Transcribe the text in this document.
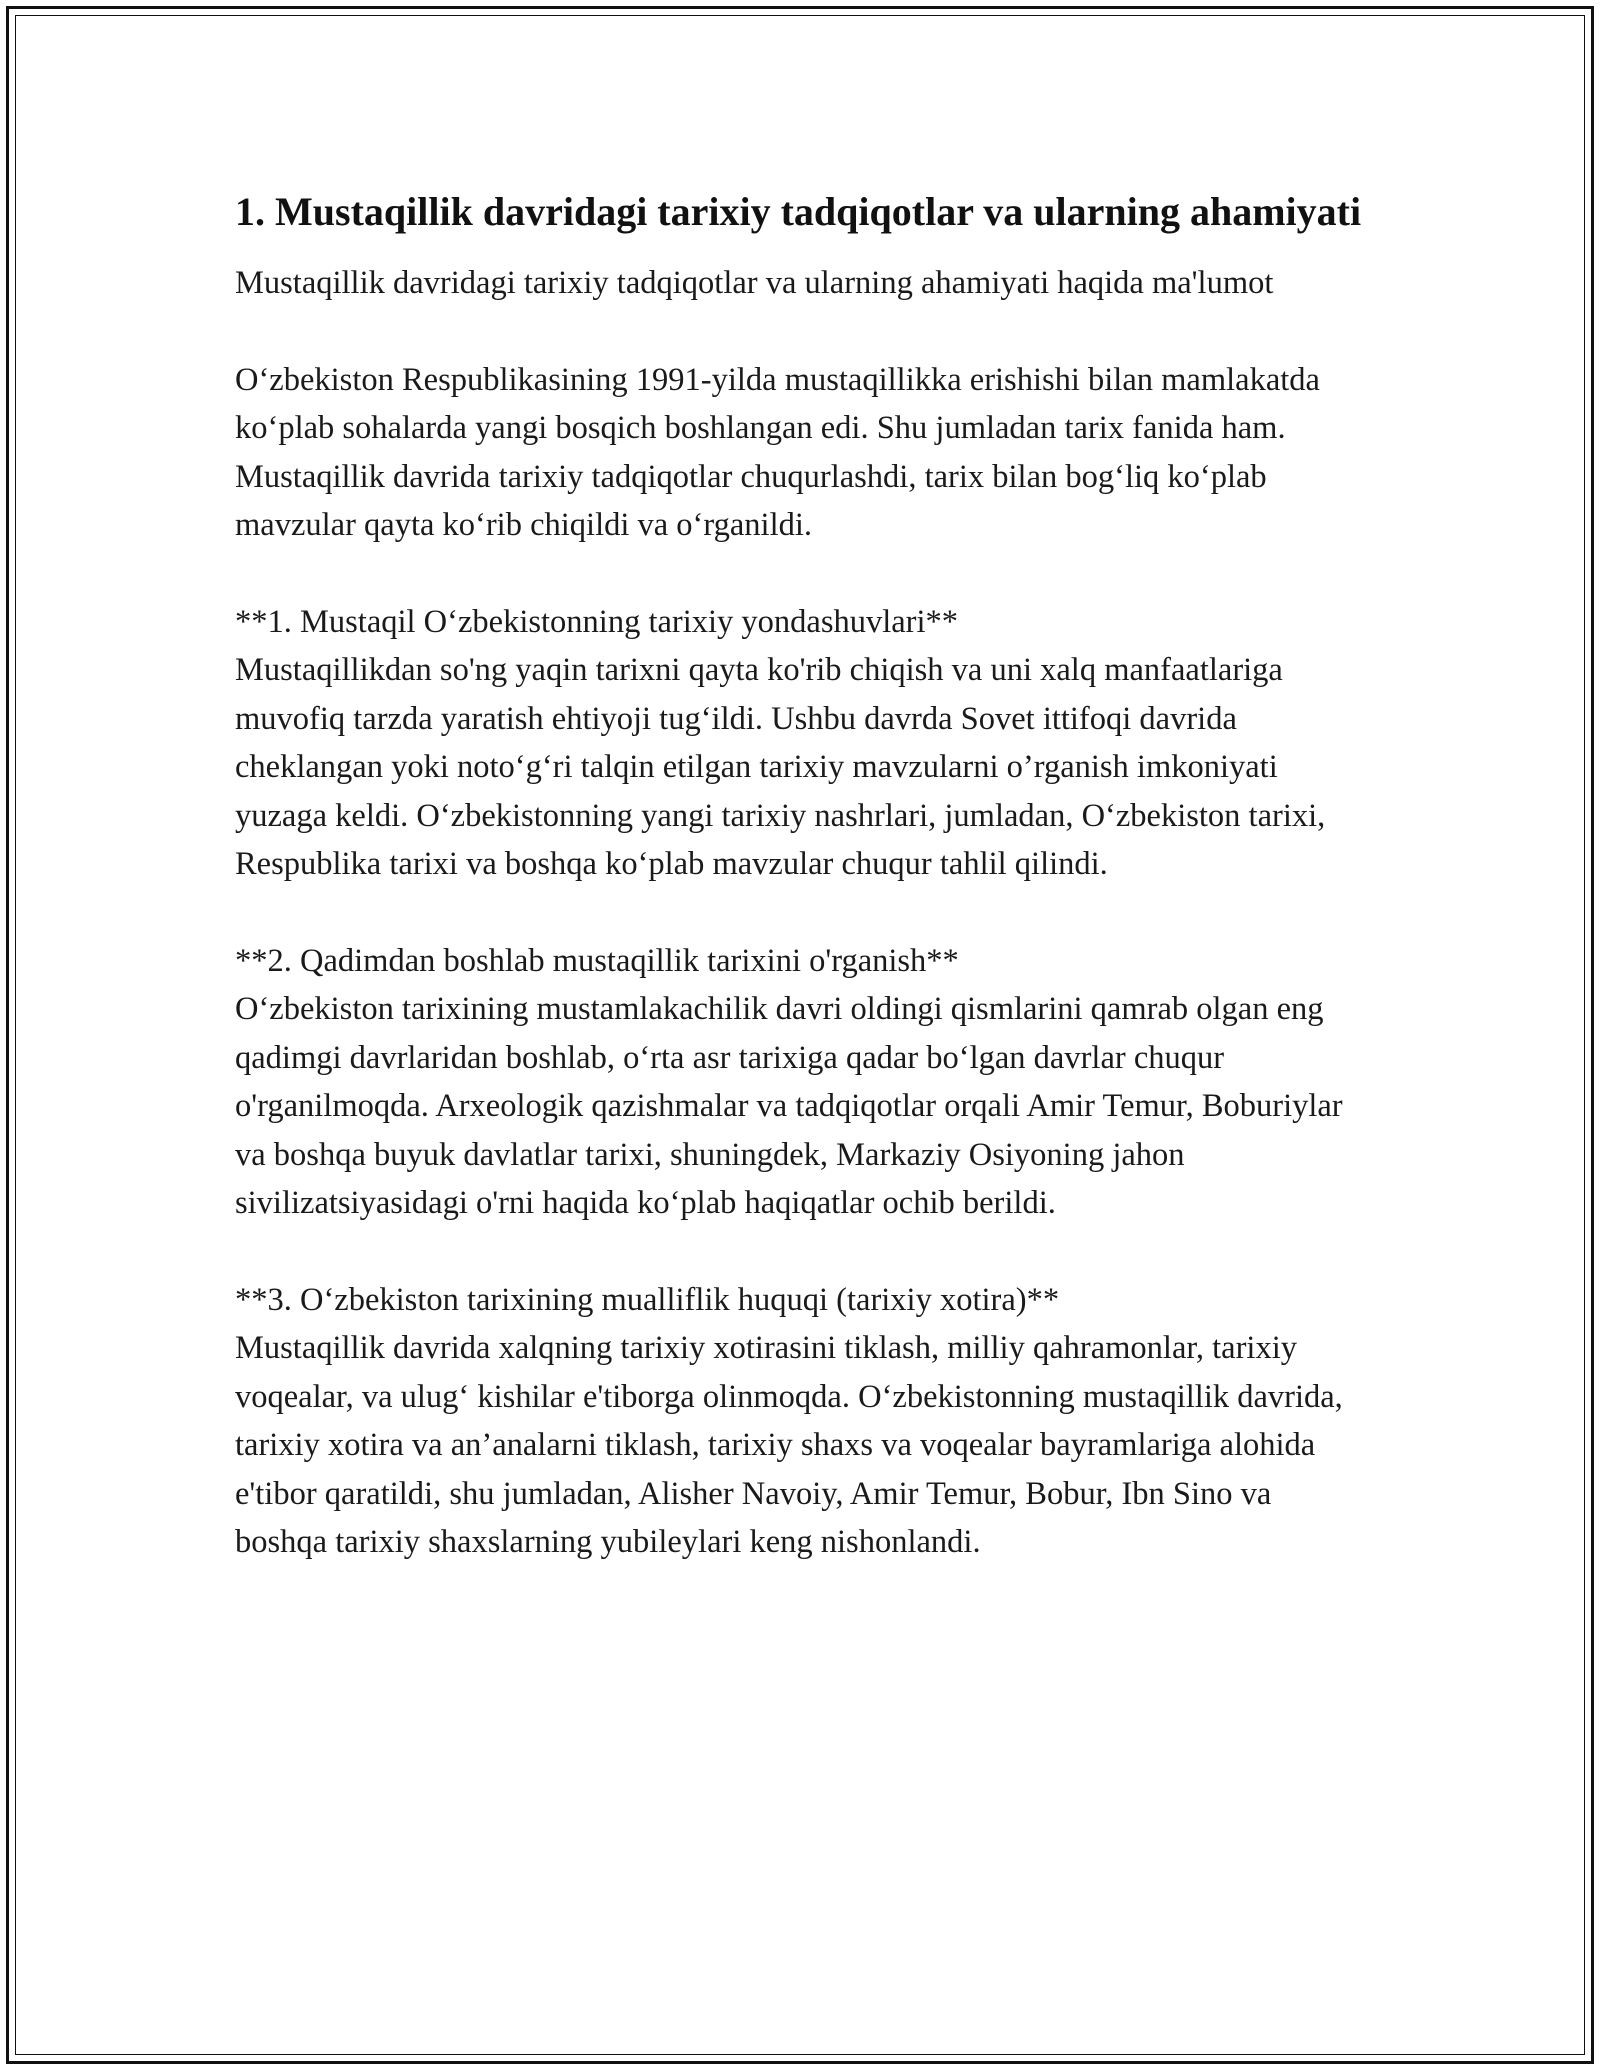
1. Mustaqillik davridagi tarixiy tadqiqotlar va ularning ahamiyati

Mustaqillik davridagi tarixiy tadqiqotlar va ularning ahamiyati haqida ma'lumot

O‘zbekiston Respublikasining 1991-yilda mustaqillikka erishishi bilan mamlakatda ko‘plab sohalarda yangi bosqich boshlangan edi. Shu jumladan tarix fanida ham. Mustaqillik davrida tarixiy tadqiqotlar chuqurlashdi, tarix bilan bog‘liq ko‘plab mavzular qayta ko‘rib chiqildi va o‘rganildi.

**1. Mustaqil O‘zbekistonning tarixiy yondashuvlari**

Mustaqillikdan so'ng yaqin tarixni qayta ko'rib chiqish va uni xalq manfaatlariga muvofiq tarzda yaratish ehtiyoji tug‘ildi. Ushbu davrda Sovet ittifoqi davrida cheklangan yoki noto‘g‘ri talqin etilgan tarixiy mavzularni o’rganish imkoniyati yuzaga keldi. O‘zbekistonning yangi tarixiy nashrlari, jumladan, O‘zbekiston tarixi, Respublika tarixi va boshqa ko‘plab mavzular chuqur tahlil qilindi.

**2. Qadimdan boshlab mustaqillik tarixini o'rganish**

O‘zbekiston tarixining mustamlakachilik davri oldingi qismlarini qamrab olgan eng qadimgi davrlaridan boshlab, o‘rta asr tarixiga qadar bo‘lgan davrlar chuqur o'rganilmoqda. Arxeologik qazishmalar va tadqiqotlar orqali Amir Temur, Boburiylar va boshqa buyuk davlatlar tarixi, shuningdek, Markaziy Osiyoning jahon sivilizatsiyasidagi o'rni haqida ko‘plab haqiqatlar ochib berildi.

**3. O‘zbekiston tarixining mualliflik huquqi (tarixiy xotira)**

Mustaqillik davrida xalqning tarixiy xotirasini tiklash, milliy qahramonlar, tarixiy voqealar, va ulug‘ kishilar e'tiborga olinmoqda. O‘zbekistonning mustaqillik davrida, tarixiy xotira va an’analarni tiklash, tarixiy shaxs va voqealar bayramlariga alohida e'tibor qaratildi, shu jumladan, Alisher Navoiy, Amir Temur, Bobur, Ibn Sino va boshqa tarixiy shaxslarning yubileylari keng nishonlandi.
